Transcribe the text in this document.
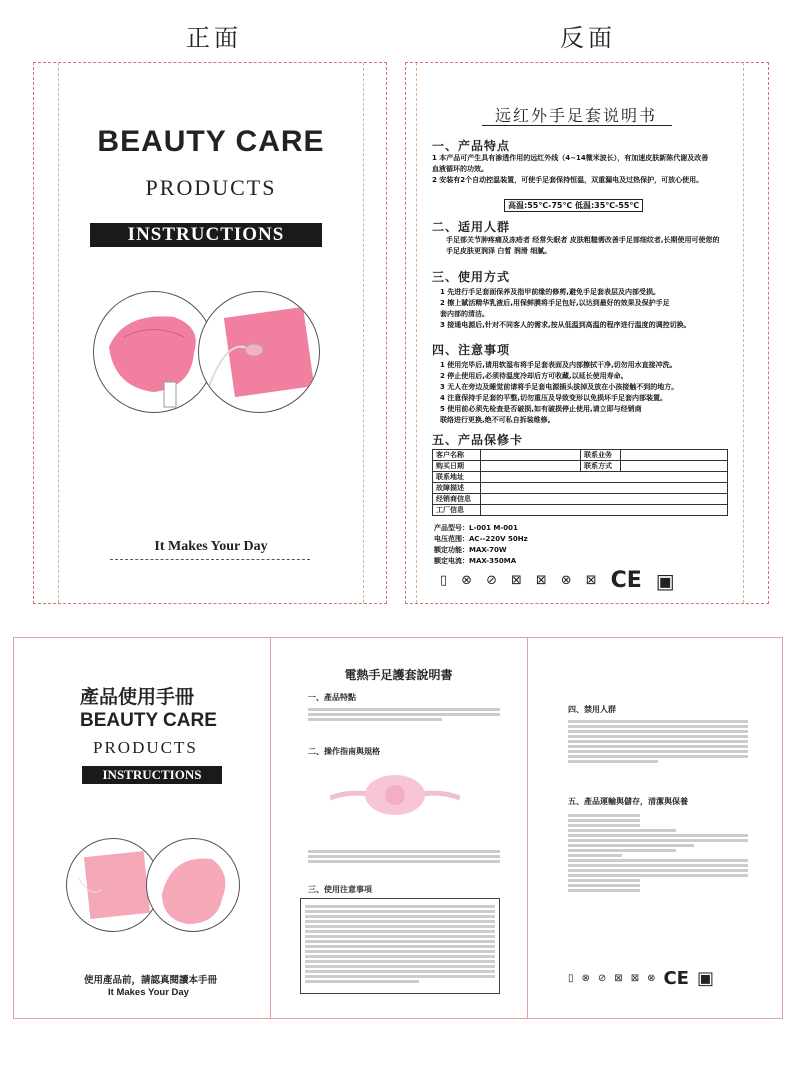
正面	反面
BEAUTY CARE
PRODUCTS
INSTRUCTIONS
It Makes Your Day
远红外手足套说明书
一、产品特点
1 本产品可产生具有渗透作用的远红外线（4~14微米波长），有加速皮肤新陈代谢及改善
血液循环的功效。
2 安装有2个自动控温装置，可使手足套保持恒温，双重漏电及过热保护，可放心使用。
高温:55℃-75℃ 低温:35℃-55℃
二、适用人群
手足部关节肿疼痛及冻疮者 经常失眠者 皮肤粗糙需改善手足部细纹者,长期使用可使您的
手足皮肤更润泽 白皙 润滑 细腻。
三、使用方式
1 先进行手足套面保养及指甲前缘的修剪,避免手足套表层及内部受损。
2 擦上賦活精华乳液后,用保鲜膜将手足包好,以达到最好的效果及保护手足
套内部的清洁。
3 接通电源后,针对不同客人的需求,按从低温到高温的程序进行温度的调控切换。
四、注意事项
1 使用完毕后,请用软湿布将手足套表面及内部擦拭干净,切勿用水直接冲洗。
2 停止使用后,必须待温度冷却后方可收藏,以延长使用寿命。
3 无人在旁边及睡觉前请将手足套电源插头拔掉及放在小孩接触不到的地方。
4 注意保持手足套的平整,切勿重压及导致变形以免损坏手足套内部装置。
5 使用前必须先检查是否破损,如有破损停止使用,请立即与经销商
联络进行更换,绝不可私自拆装维修。
五、产品保修卡
客户名称		联系业务	
购买日期		联系方式	
联系地址			
故障描述			
经销商信息			
工厂信息			
产品型号：L-001 M-001
电压范围：AC--220V 50Hz
额定功能：MAX-70W
额定电流：MAX-350MA
▯ ⊗ ⊘ ⊠ ⊠ ⊗ ⊠ CE ▣
產品使用手冊
BEAUTY CARE
PRODUCTS
INSTRUCTIONS
使用產品前，請認真閱讀本手冊
It Makes Your Day
電熱手足護套說明書
一、產品特點
二、操作指南與規格
三、使用注意事項
四、禁用人群
五、產品運輸與儲存，清潔與保養
▯ ⊗ ⊘ ⊠ ⊠ ⊗ CE ▣
